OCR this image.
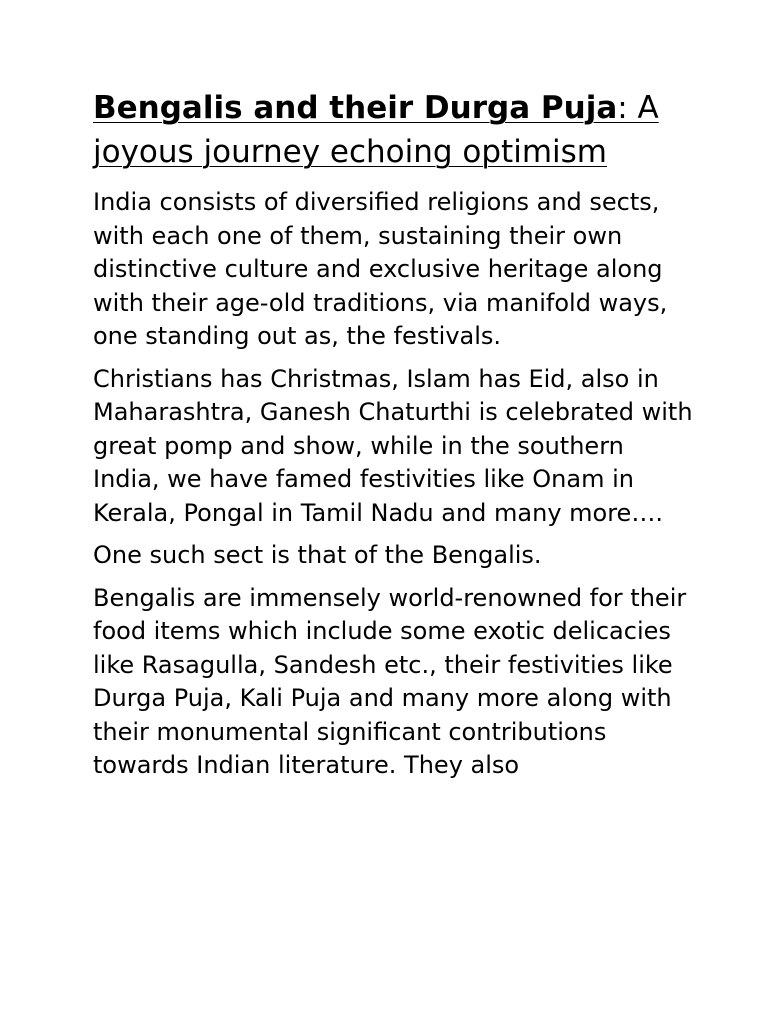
Bengalis and their Durga Puja: A joyous journey echoing optimism

India consists of diversified religions and sects, with each one of them, sustaining their own distinctive culture and exclusive heritage along with their age-old traditions, via manifold ways, one standing out as, the festivals.

Christians has Christmas, Islam has Eid, also in Maharashtra, Ganesh Chaturthi is celebrated with great pomp and show, while in the southern India, we have famed festivities like Onam in Kerala, Pongal in Tamil Nadu and many more….

One such sect is that of the Bengalis.

Bengalis are immensely world-renowned for their food items which include some exotic delicacies like Rasagulla, Sandesh etc., their festivities like Durga Puja, Kali Puja and many more along with their monumental significant contributions towards Indian literature. They also
